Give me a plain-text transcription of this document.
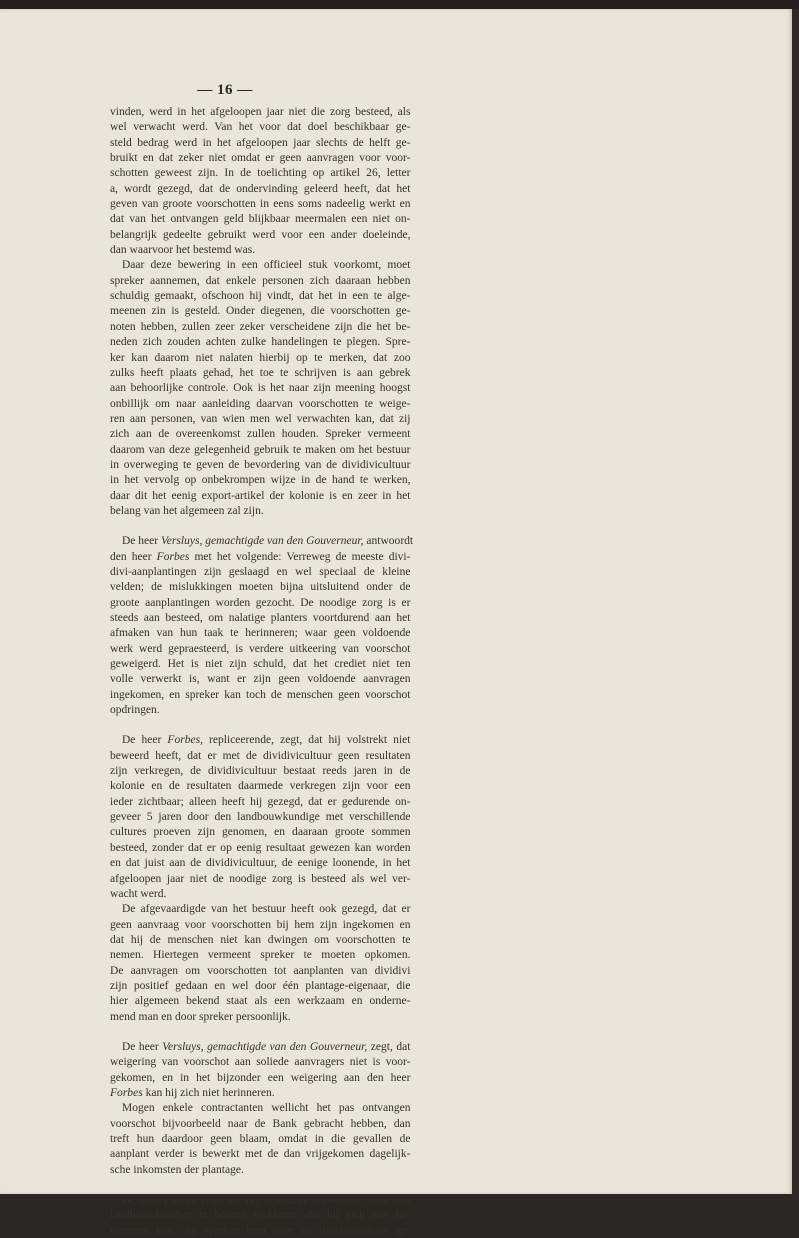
— 16 —

vinden, werd in het afgeloopen jaar niet die zorg besteed, als
wel verwacht werd. Van het voor dat doel beschikbaar ge-
steld bedrag werd in het afgeloopen jaar slechts de helft ge-
bruikt en dat zeker niet omdat er geen aanvragen voor voor-
schotten geweest zijn. In de toelichting op artikel 26, letter
a, wordt gezegd, dat de ondervinding geleerd heeft, dat het
geven van groote voorschotten in eens soms nadeelig werkt en
dat van het ontvangen geld blijkbaar meermalen een niet on-
belangrijk gedeelte gebruikt werd voor een ander doeleinde,
dan waarvoor het bestemd was.

Daar deze bewering in een officieel stuk voorkomt, moet
spreker aannemen, dat enkele personen zich daaraan hebben
schuldig gemaakt, ofschoon hij vindt, dat het in een te alge-
meenen zin is gesteld. Onder diegenen, die voorschotten ge-
noten hebben, zullen zeer zeker verscheidene zijn die het be-
neden zich zouden achten zulke handelingen te plegen. Spre-
ker kan daarom niet nalaten hierbij op te merken, dat zoo
zulks heeft plaats gehad, het toe te schrijven is aan gebrek
aan behoorlijke controle. Ook is het naar zijn meening hoogst
onbillijk om naar aanleiding daarvan voorschotten te weige-
ren aan personen, van wien men wel verwachten kan, dat zij
zich aan de overeenkomst zullen houden. Spreker vermeent
daarom van deze gelegenheid gebruik te maken om het bestuur
in overweging te geven de bevordering van de dividivicultuur
in het vervolg op onbekrompen wijze in de hand te werken,
daar dit het eenig export-artikel der kolonie is en zeer in het
belang van het algemeen zal zijn.

De heer Versluys, gemachtigde van den Gouverneur, antwoordt
den heer Forbes met het volgende: Verreweg de meeste divi-
divi-aanplantingen zijn geslaagd en wel speciaal de kleine
velden; de mislukkingen moeten bijna uitsluitend onder de
groote aanplantingen worden gezocht. De noodige zorg is er
steeds aan besteed, om nalatige planters voortdurend aan het
afmaken van hun taak te herinneren; waar geen voldoende
werk werd gepraesteerd, is verdere uitkeering van voorschot
geweigerd. Het is niet zijn schuld, dat het crediet niet ten
volle verwerkt is, want er zijn geen voldoende aanvragen
ingekomen, en spreker kan toch de menschen geen voorschot
opdringen.

De heer Forbes, repliceerende, zegt, dat hij volstrekt niet
beweerd heeft, dat er met de dividivicultuur geen resultaten
zijn verkregen, de dividivicultuur bestaat reeds jaren in de
kolonie en de resultaten daarmede verkregen zijn voor een
ieder zichtbaar; alleen heeft hij gezegd, dat er gedurende on-
geveer 5 jaren door den landbouwkundige met verschillende
cultures proeven zijn genomen, en daaraan groote sommen
besteed, zonder dat er op eenig resultaat gewezen kan worden
en dat juist aan de dividivicultuur, de eenige loonende, in het
afgeloopen jaar niet de noodige zorg is besteed als wel ver-
wacht werd.

De afgevaardigde van het bestuur heeft ook gezegd, dat er
geen aanvraag voor voorschotten bij hem zijn ingekomen en
dat hij de menschen niet kan dwingen om voorschotten te
nemen. Hiertegen vermeent spreker te moeten opkomen.
De aanvragen om voorschotten tot aanplanten van dividivi
zijn positief gedaan en wel door één plantage-eigenaar, die
hier algemeen bekend staat als een werkzaam en onderne-
mend man en door spreker persoonlijk.

De heer Versluys, gemachtigde van den Gouverneur, zegt, dat
weigering van voorschot aan soliede aanvragers niet is voor-
gekomen, en in het bijzonder een weigering aan den heer
Forbes kan hij zich niet herinneren.

Mogen enkele contractanten wellicht het pas ontvangen
voorschot bijvoorbeeld naar de Bank gebracht hebben, dan
treft hun daardoor geen blaam, omdat in die gevallen de
aanplant verder is bewerkt met de dan vrijgekomen dagelijk-
sche inkomsten der plantage.

landbouwkundige te hooren verklaren, dat hij zich niet he-
rinneren kan, dat spreker hem over de dividivicultuur ge-
